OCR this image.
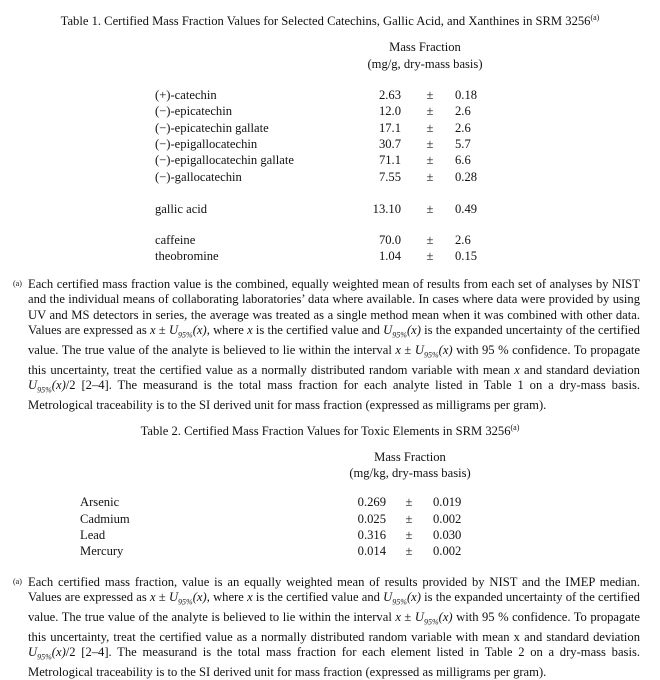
Table 1. Certified Mass Fraction Values for Selected Catechins, Gallic Acid, and Xanthines in SRM 3256$^{(a)}$
Mass Fraction
(mg/g, dry-mass basis)
(+)-catechin	2.63 ± 0.18
(−)-epicatechin	12.0 ± 2.6
(−)-epicatechin gallate	17.1 ± 2.6
(−)-epigallocatechin	30.7 ± 5.7
(−)-epigallocatechin gallate	71.1 ± 6.6
(−)-gallocatechin	7.55 ± 0.28
gallic acid	13.10 ± 0.49
caffeine	70.0 ± 2.6
theobromine	1.04 ± 0.15
(a) Each certified mass fraction value is the combined, equally weighted mean of results from each set of analyses by NIST and the individual means of collaborating laboratories’ data where available. In cases where data were provided by using UV and MS detectors in series, the average was treated as a single method mean when it was combined with other data. Values are expressed as $x \pm U_{95\%}(x)$, where x is the certified value and $U_{95\%}(x)$ is the expanded uncertainty of the certified value. The true value of the analyte is believed to lie within the interval $x \pm U_{95\%}(x)$ with 95 % confidence. To propagate this uncertainty, treat the certified value as a normally distributed random variable with mean x and standard deviation $U_{95\%}(x)/2$ [2–4]. The measurand is the total mass fraction for each analyte listed in Table 1 on a dry-mass basis. Metrological traceability is to the SI derived unit for mass fraction (expressed as milligrams per gram).
Table 2. Certified Mass Fraction Values for Toxic Elements in SRM 3256$^{(a)}$
Mass Fraction
(mg/kg, dry-mass basis)
Arsenic	0.269 ± 0.019
Cadmium	0.025 ± 0.002
Lead	0.316 ± 0.030
Mercury	0.014 ± 0.002
(a) Each certified mass fraction, value is an equally weighted mean of results provided by NIST and the IMEP median. Values are expressed as $x \pm U_{95\%}(x)$, where x is the certified value and $U_{95\%}(x)$ is the expanded uncertainty of the certified value. The true value of the analyte is believed to lie within the interval $x \pm U_{95\%}(x)$ with 95 % confidence. To propagate this uncertainty, treat the certified value as a normally distributed random variable with mean x and standard deviation $U_{95\%}(x)/2$ [2–4]. The measurand is the total mass fraction for each element listed in Table 2 on a dry-mass basis. Metrological traceability is to the SI derived unit for mass fraction (expressed as milligrams per gram).
